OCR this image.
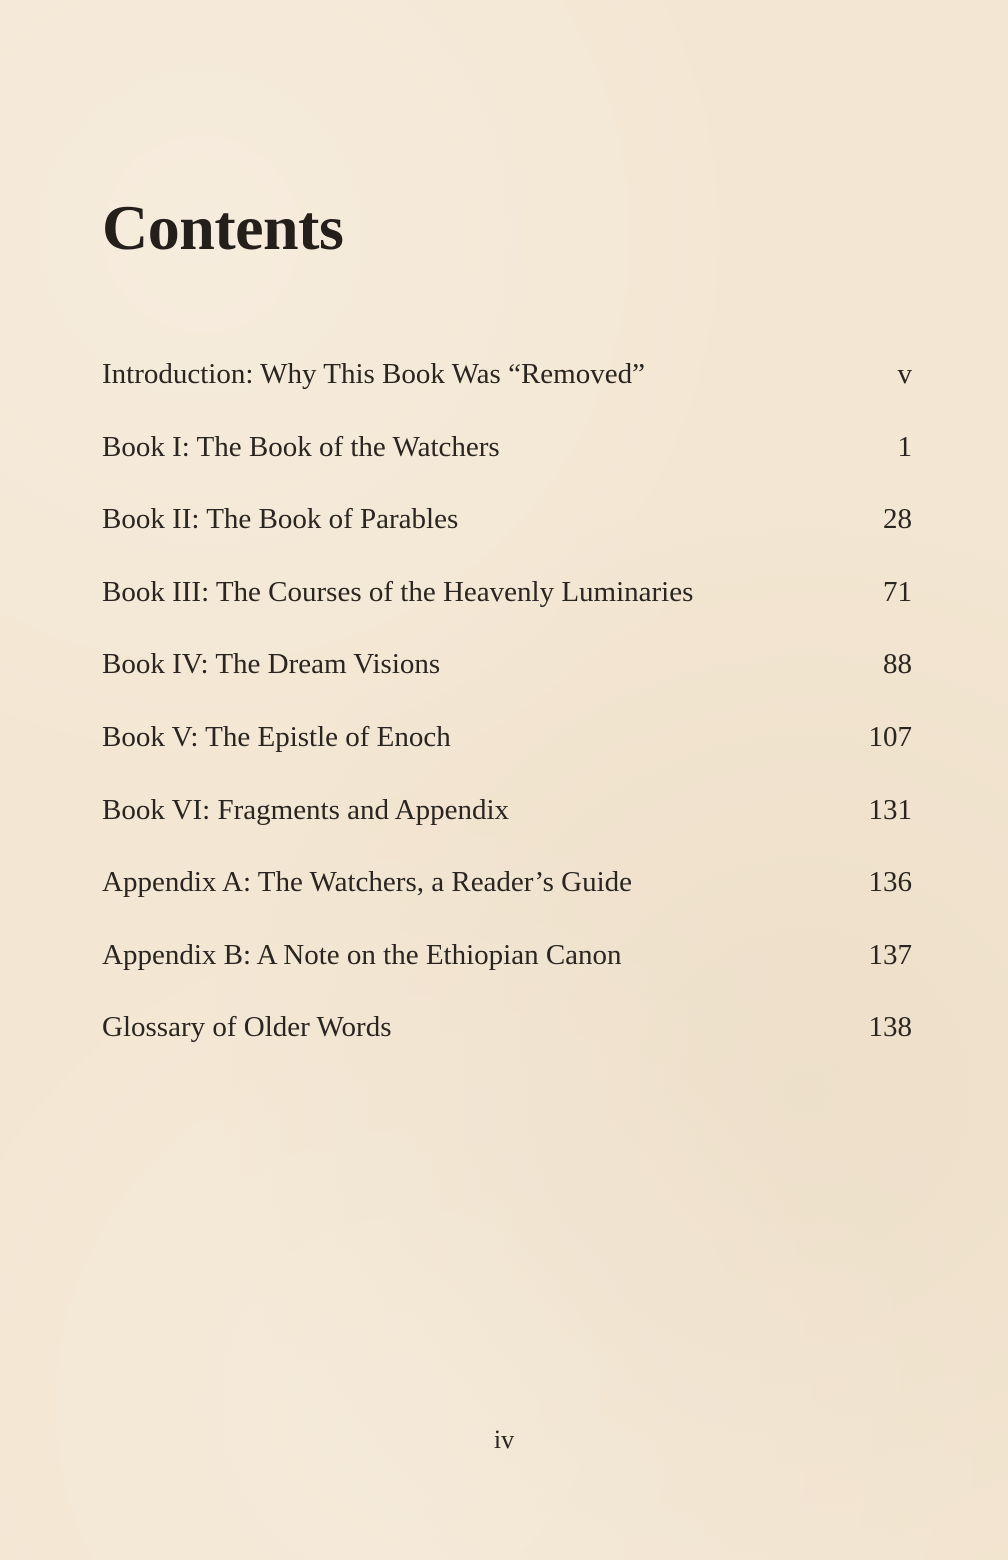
Contents
Introduction: Why This Book Was “Removed”	v
Book I: The Book of the Watchers	1
Book II: The Book of Parables	28
Book III: The Courses of the Heavenly Luminaries	71
Book IV: The Dream Visions	88
Book V: The Epistle of Enoch	107
Book VI: Fragments and Appendix	131
Appendix A: The Watchers, a Reader’s Guide	136
Appendix B: A Note on the Ethiopian Canon	137
Glossary of Older Words	138
iv
